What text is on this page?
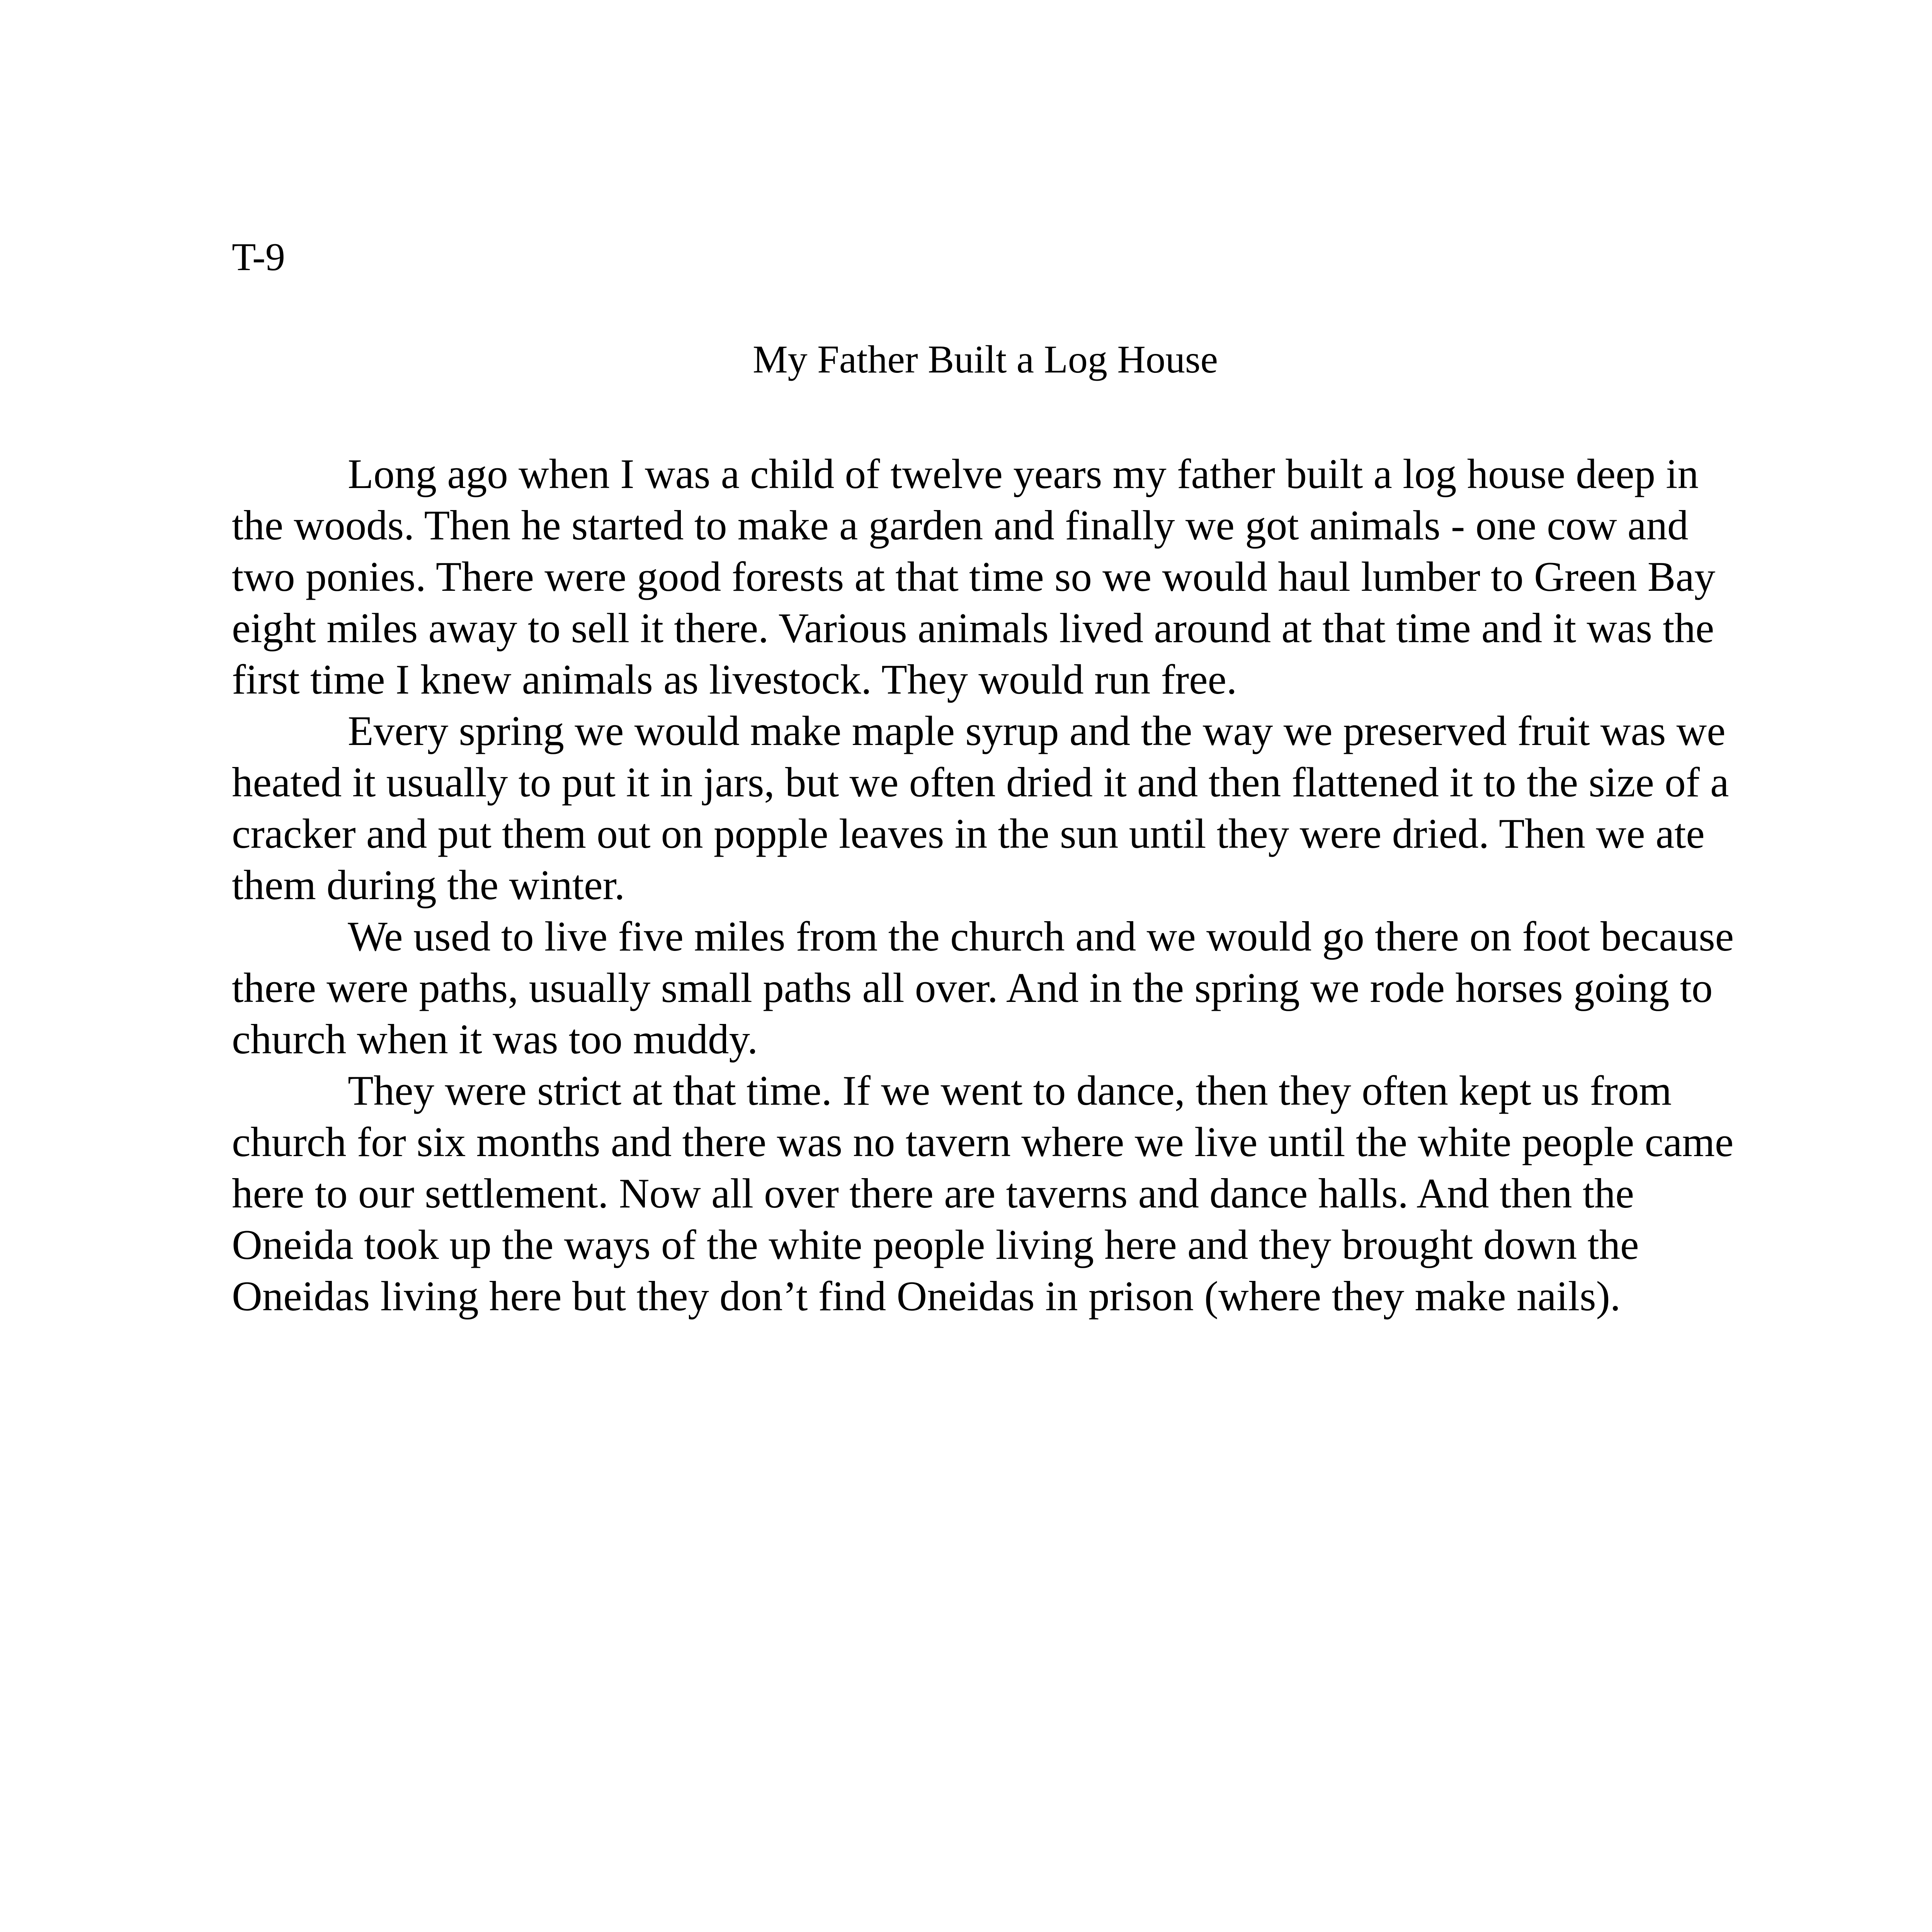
T-9
My Father Built a Log House

Long ago when I was a child of twelve years my father built a log house deep in the woods. Then he started to make a garden and finally we got animals - one cow and two ponies. There were good forests at that time so we would haul lumber to Green Bay eight miles away to sell it there. Various animals lived around at that time and it was the first time I knew animals as livestock. They would run free.

Every spring we would make maple syrup and the way we preserved fruit was we heated it usually to put it in jars, but we often dried it and then flattened it to the size of a cracker and put them out on popple leaves in the sun until they were dried. Then we ate them during the winter.

We used to live five miles from the church and we would go there on foot because there were paths, usually small paths all over. And in the spring we rode horses going to church when it was too muddy.

They were strict at that time. If we went to dance, then they often kept us from church for six months and there was no tavern where we live until the white people came here to our settlement. Now all over there are taverns and dance halls. And then the Oneida took up the ways of the white people living here and they brought down the Oneidas living here but they don’t find Oneidas in prison (where they make nails).
